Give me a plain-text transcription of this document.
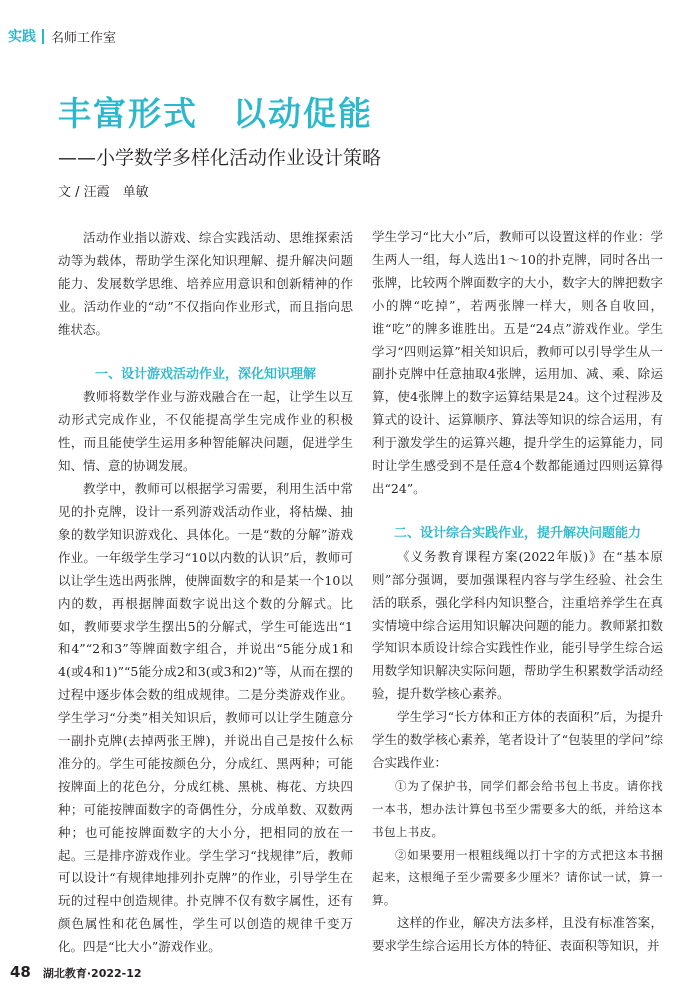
实践 名师工作室
丰富形式　以动促能
——小学数学多样化活动作业设计策略
文 / 汪霞　单敏

活动作业指以游戏、综合实践活动、思维探索活动等为载体，帮助学生深化知识理解、提升解决问题能力、发展数学思维、培养应用意识和创新精神的作业。活动作业的“动”不仅指向作业形式，而且指向思维状态。

一、设计游戏活动作业，深化知识理解

教师将数学作业与游戏融合在一起，让学生以互动形式完成作业，不仅能提高学生完成作业的积极性，而且能使学生运用多种智能解决问题，促进学生知、情、意的协调发展。

教学中，教师可以根据学习需要，利用生活中常见的扑克牌，设计一系列游戏活动作业，将枯燥、抽象的数学知识游戏化、具体化。一是“数的分解”游戏作业。一年级学生学习“10以内数的认识”后，教师可以让学生选出两张牌，使牌面数字的和是某一个10以内的数，再根据牌面数字说出这个数的分解式。比如，教师要求学生摆出5的分解式，学生可能选出“1和4”“2和3”等牌面数字组合，并说出“5能分成1和4(或4和1)”“5能分成2和3(或3和2)”等，从而在摆的过程中逐步体会数的组成规律。二是分类游戏作业。学生学习“分类”相关知识后，教师可以让学生随意分一副扑克牌(去掉两张王牌)，并说出自己是按什么标准分的。学生可能按颜色分，分成红、黑两种；可能按牌面上的花色分，分成红桃、黑桃、梅花、方块四种；可能按牌面数字的奇偶性分，分成单数、双数两种；也可能按牌面数字的大小分，把相同的放在一起。三是排序游戏作业。学生学习“找规律”后，教师可以设计“有规律地排列扑克牌”的作业，引导学生在玩的过程中创造规律。扑克牌不仅有数字属性，还有颜色属性和花色属性，学生可以创造的规律千变万化。四是“比大小”游戏作业。

学生学习“比大小”后，教师可以设置这样的作业：学生两人一组，每人选出1～10的扑克牌，同时各出一张牌，比较两个牌面数字的大小，数字大的牌把数字小的牌“吃掉”，若两张牌一样大，则各自收回，谁“吃”的牌多谁胜出。五是“24点”游戏作业。学生学习“四则运算”相关知识后，教师可以引导学生从一副扑克牌中任意抽取4张牌，运用加、减、乘、除运算，使4张牌上的数字运算结果是24。这个过程涉及算式的设计、运算顺序、算法等知识的综合运用，有利于激发学生的运算兴趣，提升学生的运算能力，同时让学生感受到不是任意4个数都能通过四则运算得出“24”。

二、设计综合实践作业，提升解决问题能力

《义务教育课程方案(2022年版)》在“基本原则”部分强调，要加强课程内容与学生经验、社会生活的联系，强化学科内知识整合，注重培养学生在真实情境中综合运用知识解决问题的能力。教师紧扣数学知识本质设计综合实践性作业，能引导学生综合运用数学知识解决实际问题，帮助学生积累数学活动经验，提升数学核心素养。

学生学习“长方体和正方体的表面积”后，为提升学生的数学核心素养，笔者设计了“包装里的学问”综合实践作业：

①为了保护书，同学们都会给书包上书皮。请你找一本书，想办法计算包书至少需要多大的纸，并给这本书包上书皮。

②如果要用一根粗线绳以打十字的方式把这本书捆起来，这根绳子至少需要多少厘米？请你试一试，算一算。

这样的作业，解决方法多样，且没有标准答案，要求学生综合运用长方体的特征、表面积等知识，并

48 湖北教育·2022-12
